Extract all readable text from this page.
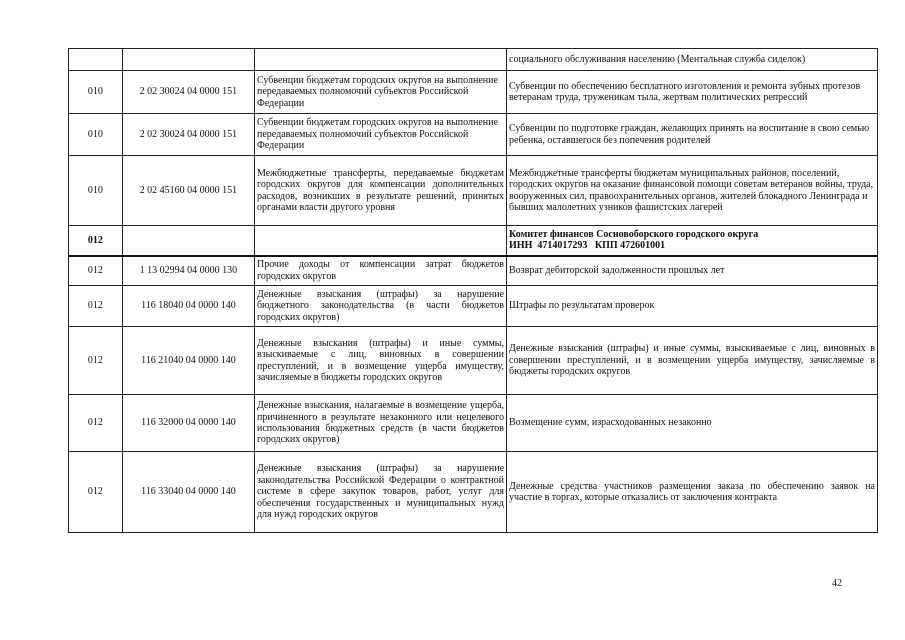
			социального обслуживания населению (Ментальная служба сиделок)
010	2 02 30024 04 0000 151	Субвенции бюджетам городских округов на выполнение передаваемых полномочий субъектов Российской Федерации	Субвенции по обеспечению бесплатного изготовления и ремонта зубных протезов ветеранам труда, труженикам тыла, жертвам политических репрессий
010	2 02 30024 04 0000 151	Субвенции бюджетам городских округов на выполнение передаваемых полномочий субъектов Российской Федерации	Субвенции по подготовке граждан, желающих принять на воспитание в свою семью ребенка, оставшегося без попечения родителей
010	2 02 45160 04 0000 151	Межбюджетные трансферты, передаваемые бюджетам городских округов для компенсации дополнительных расходов, возникших в результате решений, принятых органами власти другого уровня	Межбюджетные трансферты бюджетам муниципальных районов, поселений, городских округов на оказание финансовой помощи советам ветеранов войны, труда, вооруженных сил, правоохранительных органов, жителей блокадного Ленинграда и бывших малолетних узников фашистских лагерей
012			Комитет финансов Сосновоборского городского округа
ИНН  4714017293   КПП 472601001

012	1 13 02994 04 0000 130	Прочие доходы от компенсации затрат бюджетов городских округов	Возврат дебиторской задолженности прошлых лет
012	116 18040 04 0000 140	Денежные взыскания (штрафы) за нарушение бюджетного законодательства (в части бюджетов городских округов)	Штрафы по результатам проверок
012	116 21040 04 0000 140	Денежные взыскания (штрафы) и иные суммы, взыскиваемые с лиц, виновных в совершении преступлений, и в возмещение ущерба имуществу, зачисляемые в бюджеты городских округов	Денежные взыскания (штрафы) и иные суммы, взыскиваемые с лиц, виновных в совершении преступлений, и в возмещении ущерба имуществу, зачисляемые в бюджеты городских округов
012	116 32000 04 0000 140	Денежные взыскания, налагаемые в возмещение ущерба, причиненного в результате незаконного или нецелевого использования бюджетных средств (в части бюджетов городских округов)	Возмещение сумм, израсходованных незаконно
012	116 33040 04 0000 140	Денежные взыскания (штрафы) за нарушение законодательства Российской Федерации о контрактной системе в сфере закупок товаров, работ, услуг для обеспечения государственных и муниципальных нужд для нужд городских округов	Денежные средства участников размещения заказа по обеспечению заявок на участие в торгах, которые отказались от заключения контракта
42
